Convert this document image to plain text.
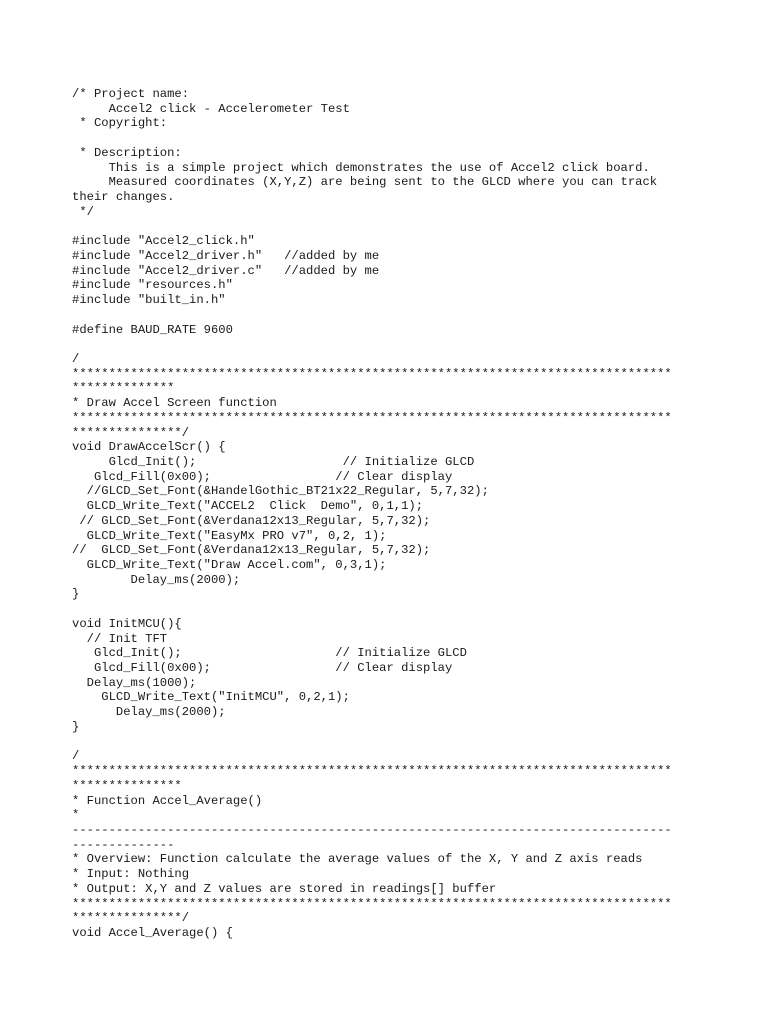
/* Project name:
Accel2 click - Accelerometer Test
* Copyright:
* Description:
This is a simple project which demonstrates the use of Accel2 click board.
Measured coordinates (X,Y,Z) are being sent to the GLCD where you can track
their changes.
*/
#include "Accel2_click.h"
#include "Accel2_driver.h"   //added by me
#include "Accel2_driver.c"   //added by me
#include "resources.h"
#include "built_in.h"
#define BAUD_RATE 9600
/
**********************************************************************************
**************
* Draw Accel Screen function
**********************************************************************************
***************/
void DrawAccelScr() {
Glcd_Init();                    // Initialize GLCD
Glcd_Fill(0x00);                 // Clear display
//GLCD_Set_Font(&HandelGothic_BT21x22_Regular, 5,7,32);
GLCD_Write_Text("ACCEL2  Click  Demo", 0,1,1);
// GLCD_Set_Font(&Verdana12x13_Regular, 5,7,32);
GLCD_Write_Text("EasyMx PRO v7", 0,2, 1);
//  GLCD_Set_Font(&Verdana12x13_Regular, 5,7,32);
GLCD_Write_Text("Draw Accel.com", 0,3,1);
Delay_ms(2000);
}
void InitMCU(){
// Init TFT
Glcd_Init();                     // Initialize GLCD
Glcd_Fill(0x00);                 // Clear display
Delay_ms(1000);
GLCD_Write_Text("InitMCU", 0,2,1);
Delay_ms(2000);
}
/
**********************************************************************************
***************
* Function Accel_Average()
*
----------------------------------------------------------------------------------
--------------
* Overview: Function calculate the average values of the X, Y and Z axis reads
* Input: Nothing
* Output: X,Y and Z values are stored in readings[] buffer
**********************************************************************************
***************/
void Accel_Average() {
